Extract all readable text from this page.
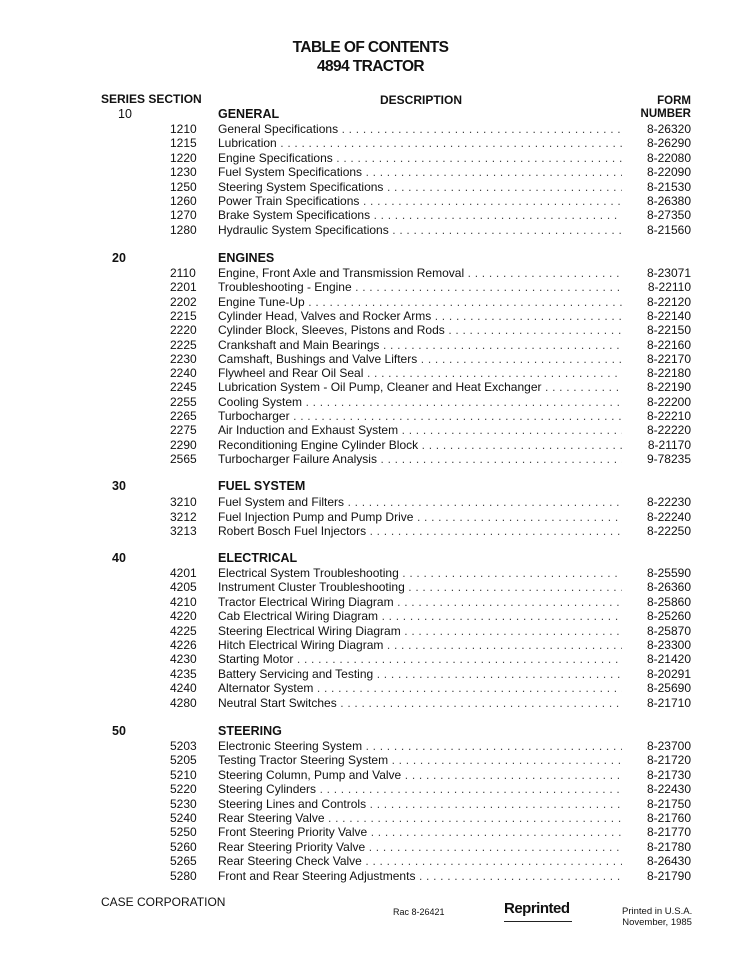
TABLE OF CONTENTS
4894 TRACTOR
SERIES SECTION	DESCRIPTION	FORM
NUMBER
10	GENERAL
1210 General Specifications . . .	8-26320
1215 Lubrication . . .	8-26290
1220 Engine Specifications . . .	8-22080
1230 Fuel System Specifications . . .	8-22090
1250 Steering System Specifications . . .	8-21530
1260 Power Train Specifications . . .	8-26380
1270 Brake System Specifications . . .	8-27350
1280 Hydraulic System Specifications . . .	8-21560
20	ENGINES
2110	Engine, Front Axle and Transmission Removal . . .	8-23071
2201 Troubleshooting - Engine . . .	8-22110
2202 Engine Tune-Up . . .	8-22120
2215 Cylinder Head, Valves and Rocker Arms . . .	8-22140
2220 Cylinder Block, Sleeves, Pistons and Rods . . .	8-22150
2225 Crankshaft and Main Bearings . . .	8-22160
2230 Camshaft, Bushings and Valve Lifters . . .	8-22170
2240 Flywheel and Rear Oil Seal . . .	8-22180
2245 Lubrication System - Oil Pump, Cleaner and Heat Exchanger . . .	8-22190
2255 Cooling System . . .	8-22200
2265 Turbocharger . . .	8-22210
2275 Air Induction and Exhaust System . . .	8-22220
2290 Reconditioning Engine Cylinder Block . . .	8-21170
2565 Turbocharger Failure Analysis . . .	9-78235
30	FUEL SYSTEM
3210 Fuel System and Filters . . .	8-22230
3212 Fuel Injection Pump and Pump Drive . . .	8-22240
3213 Robert Bosch Fuel Injectors . . .	8-22250
40	ELECTRICAL
4201 Electrical System Troubleshooting . . .	8-25590
4205 Instrument Cluster Troubleshooting . . .	8-26360
4210 Tractor Electrical Wiring Diagram . . .	8-25860
4220 Cab Electrical Wiring Diagram . . .	8-25260
4225 Steering Electrical Wiring Diagram . . .	8-25870
4226 Hitch Electrical Wiring Diagram . . .	8-23300
4230 Starting Motor . . .	8-21420
4235 Battery Servicing and Testing . . .	8-20291
4240 Alternator System . . .	8-25690
4280 Neutral Start Switches . . .	8-21710
50	STEERING
5203 Electronic Steering System . . .	8-23700
5205 Testing Tractor Steering System . . .	8-21720
5210 Steering Column, Pump and Valve . . .	8-21730
5220 Steering Cylinders . . .	8-22430
5230 Steering Lines and Controls . . .	8-21750
5240 Rear Steering Valve . . .	8-21760
5250 Front Steering Priority Valve . . .	8-21770
5260 Rear Steering Priority Valve . . .	8-21780
5265 Rear Steering Check Valve . . .	8-26430
5280 Front and Rear Steering Adjustments . . .	8-21790
CASE CORPORATION
Rac 8-26421	Reprinted	Printed in U.S.A.
November, 1985
